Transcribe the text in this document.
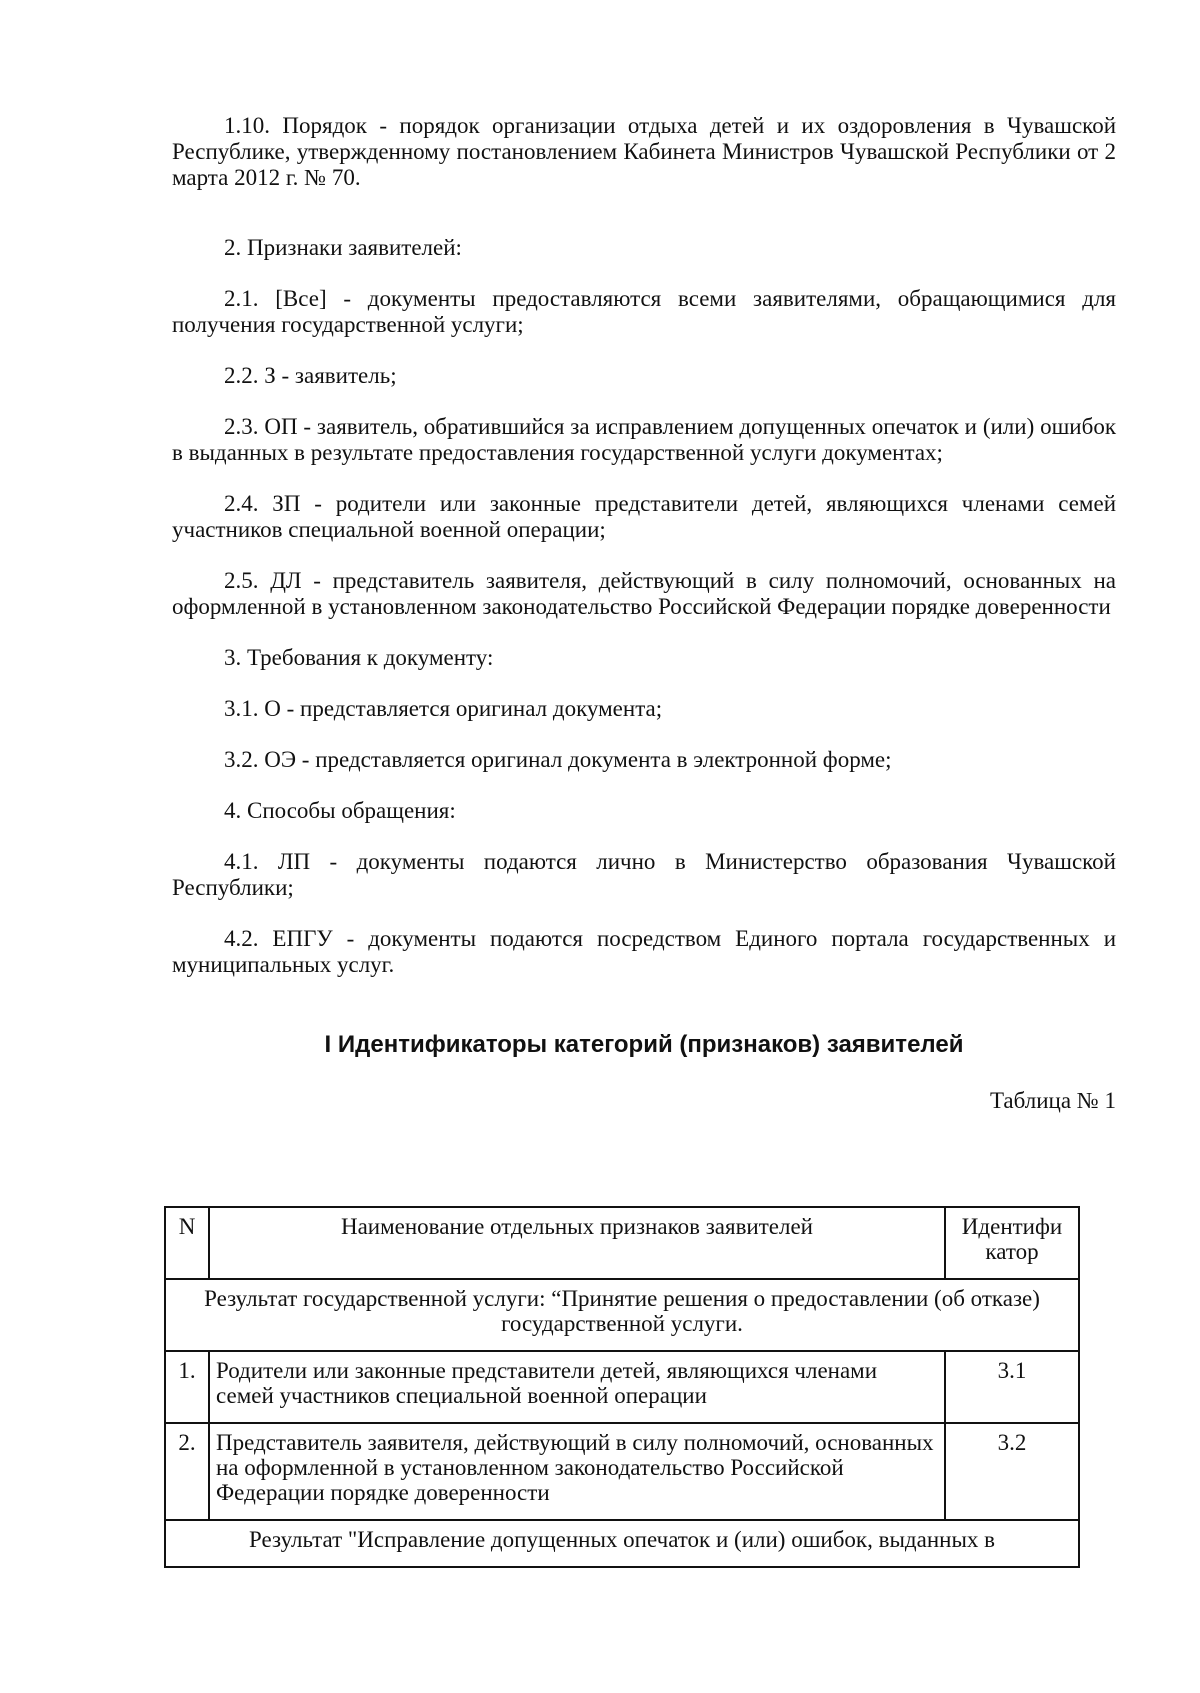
1.10. Порядок - порядок организации отдыха детей и их оздоровления в Чувашской Республике, утвержденному постановлением Кабинета Министров Чувашской Республики от 2 марта 2012 г. № 70.

2. Признаки заявителей:

2.1. [Все] - документы предоставляются всеми заявителями, обращающимися для получения государственной услуги;

2.2. З - заявитель;

2.3. ОП - заявитель, обратившийся за исправлением допущенных опечаток и (или) ошибок в выданных в результате предоставления государственной услуги документах;

2.4. ЗП - родители или законные представители детей, являющихся членами семей участников специальной военной операции;

2.5. ДЛ - представитель заявителя, действующий в силу полномочий, основанных на оформленной в установленном законодательство Российской Федерации порядке доверенности

3. Требования к документу:

3.1. О - представляется оригинал документа;

3.2. ОЭ - представляется оригинал документа в электронной форме;

4. Способы обращения:

4.1. ЛП - документы подаются лично в Министерство образования Чувашской Республики;

4.2. ЕПГУ - документы подаются посредством Единого портала государственных и муниципальных услуг.

I Идентификаторы категорий (признаков) заявителей
Таблица № 1
N	Наименование отдельных признаков заявителей	Идентифи
катор

Результат государственной услуги: “Принятие решения о предоставлении (об отказе) государственной услуги.		
1.	Родители или законные представители детей, являющихся членами семей участников специальной военной операции	3.1
2.	Представитель заявителя, действующий в силу полномочий, основанных на оформленной в установленном законодательство Российской Федерации порядке доверенности	3.2
Результат "Исправление допущенных опечаток и (или) ошибок, выданных в		
